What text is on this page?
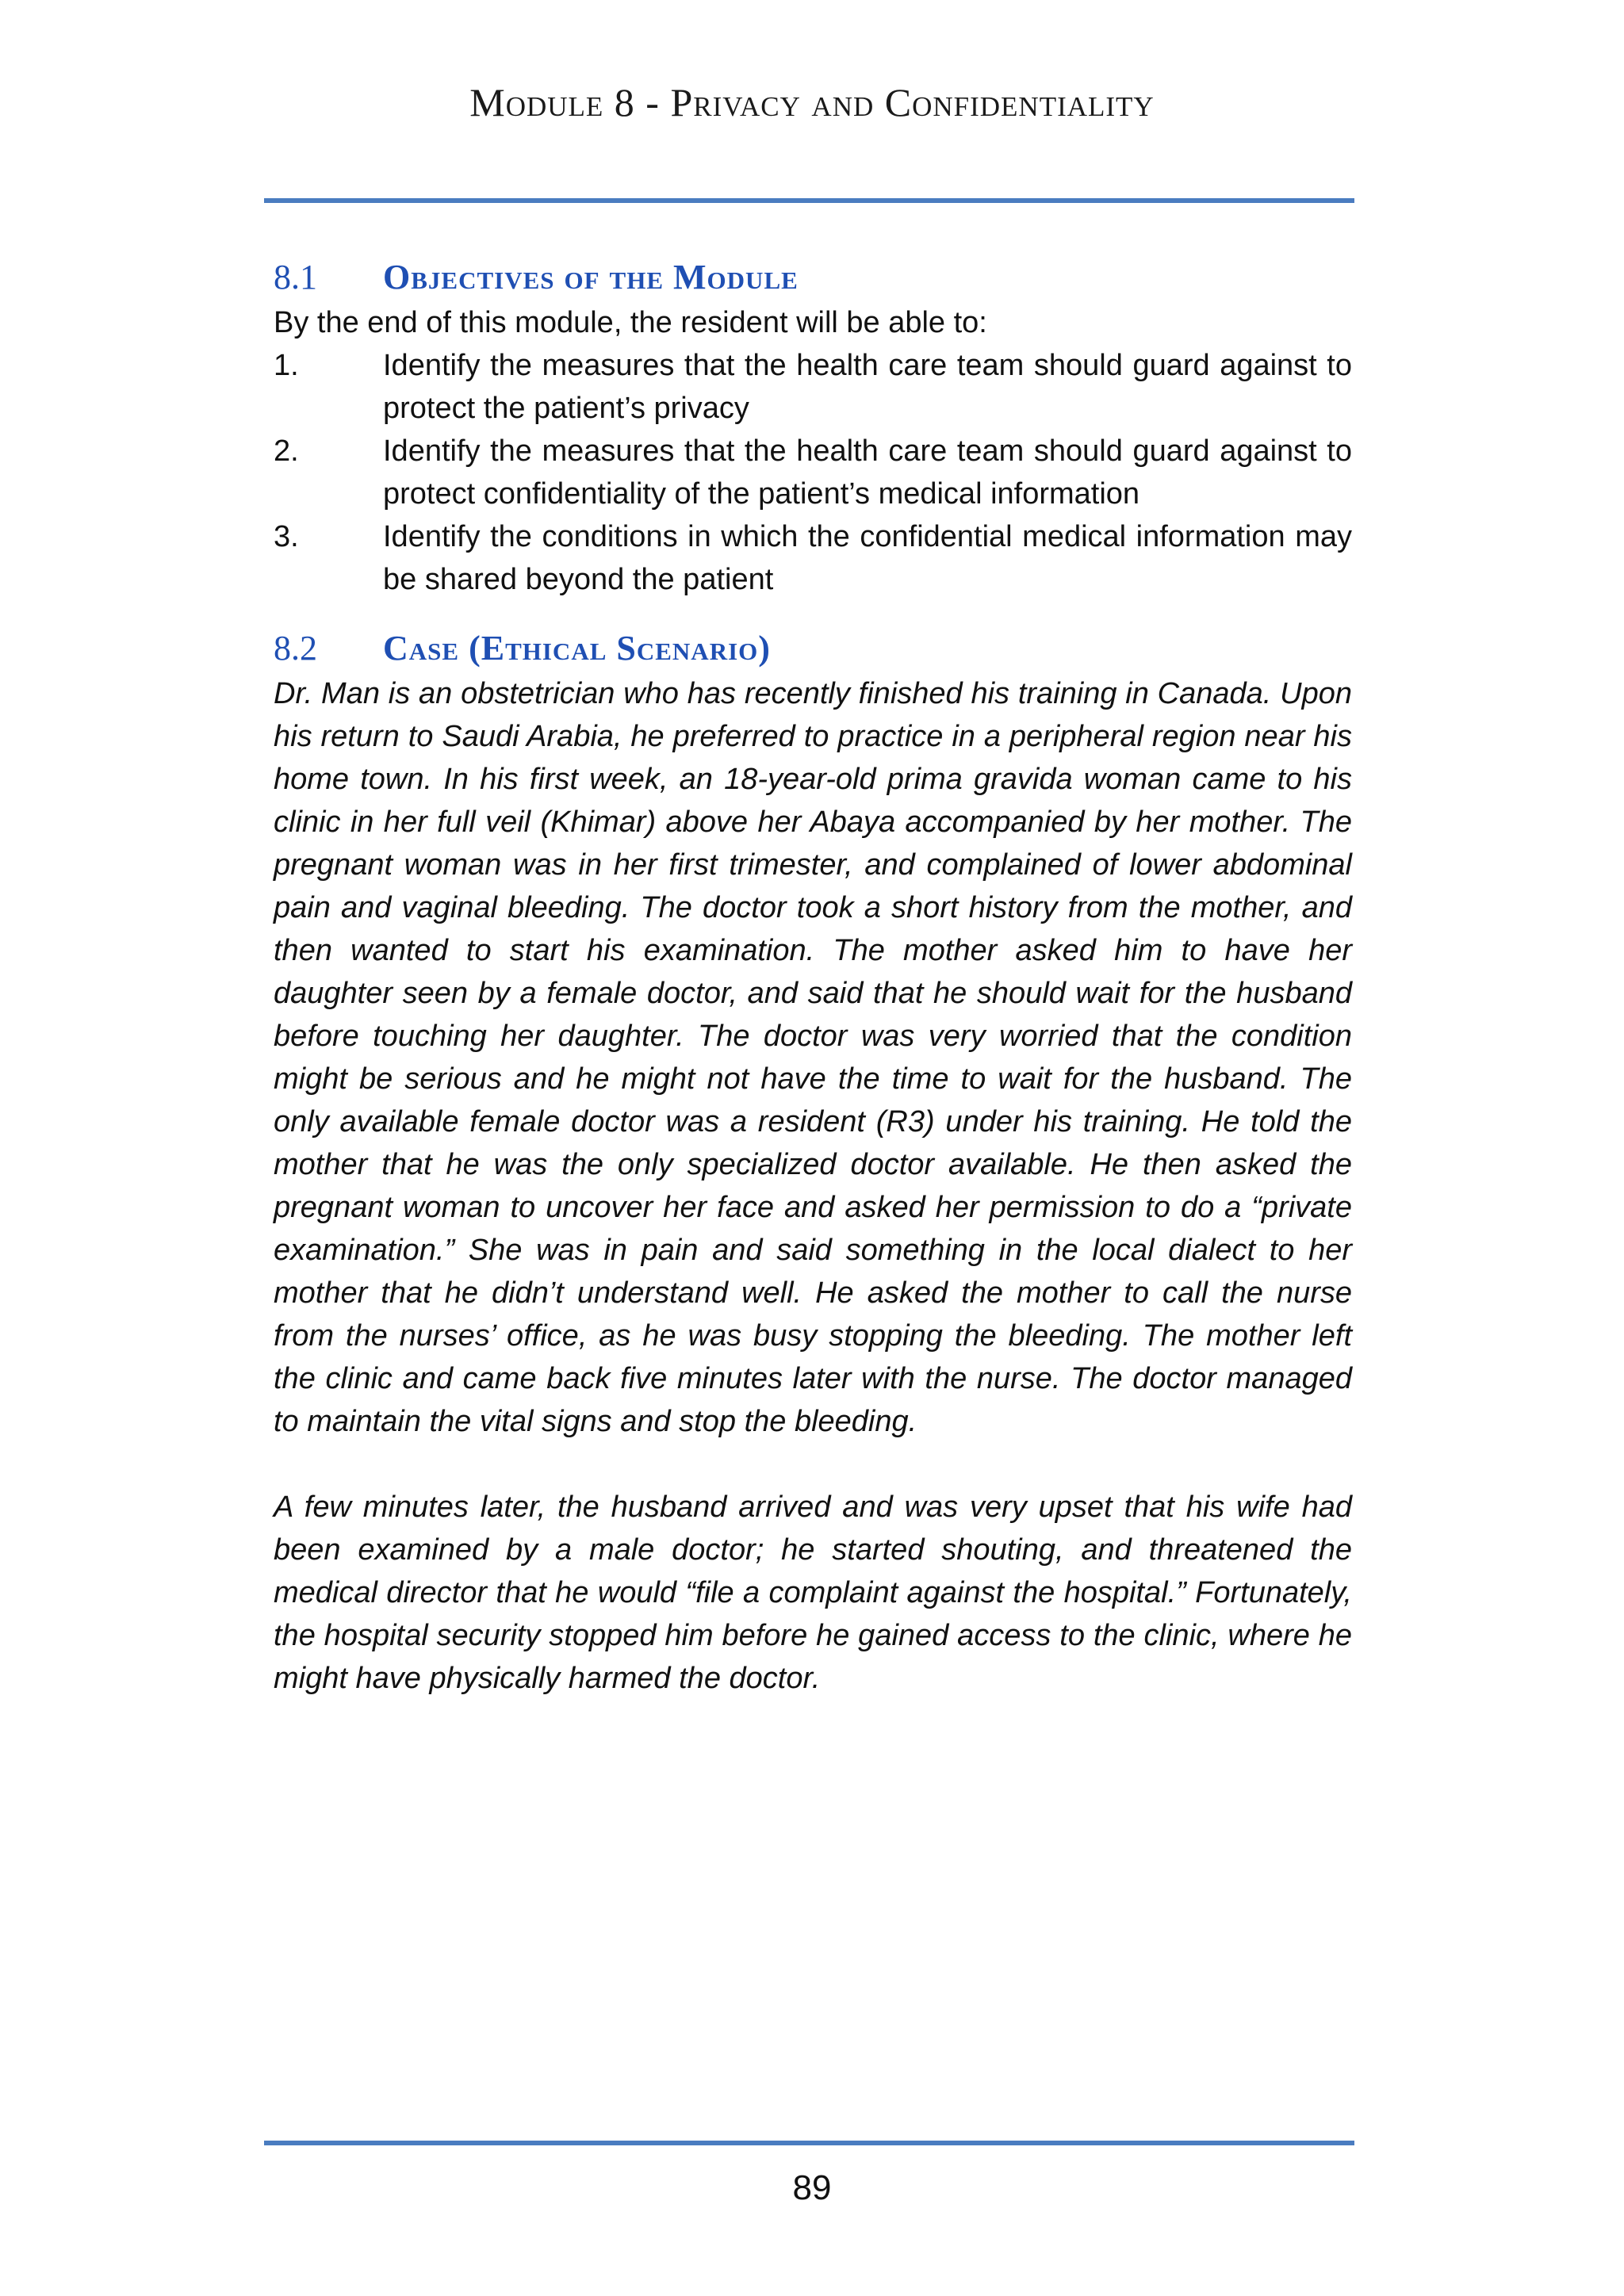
Module 8 - Privacy and Confidentiality
8.1	Objectives of the Module
By the end of this module, the resident will be able to:
1.	Identify the measures that the health care team should guard against to protect the patient’s privacy
2.	Identify the measures that the health care team should guard against to protect confidentiality of the patient’s medical information
3.	Identify the conditions in which the confidential medical information may be shared beyond the patient
8.2	Case (Ethical Scenario)

Dr. Man is an obstetrician who has recently finished his training in Canada. Upon his return to Saudi Arabia, he preferred to practice in a peripheral region near his home town. In his first week, an 18-year-old prima gravida woman came to his clinic in her full veil (Khimar) above her Abaya accompanied by her mother. The pregnant woman was in her first trimester, and complained of lower abdominal pain and vaginal bleeding. The doctor took a short history from the mother, and then wanted to start his examination. The mother asked him to have her daughter seen by a female doctor, and said that he should wait for the husband before touching her daughter. The doctor was very worried that the condition might be serious and he might not have the time to wait for the husband. The only available female doctor was a resident (R3) under his training. He told the mother that he was the only specialized doctor available. He then asked the pregnant woman to uncover her face and asked her permission to do a “private examination.” She was in pain and said something in the local dialect to her mother that he didn’t understand well. He asked the mother to call the nurse from the nurses’ office, as he was busy stopping the bleeding. The mother left the clinic and came back five minutes later with the nurse. The doctor managed to maintain the vital signs and stop the bleeding.

A few minutes later, the husband arrived and was very upset that his wife had been examined by a male doctor; he started shouting, and threatened the medical director that he would “file a complaint against the hospital.” Fortunately, the hospital security stopped him before he gained access to the clinic, where he might have physically harmed the doctor.

89
